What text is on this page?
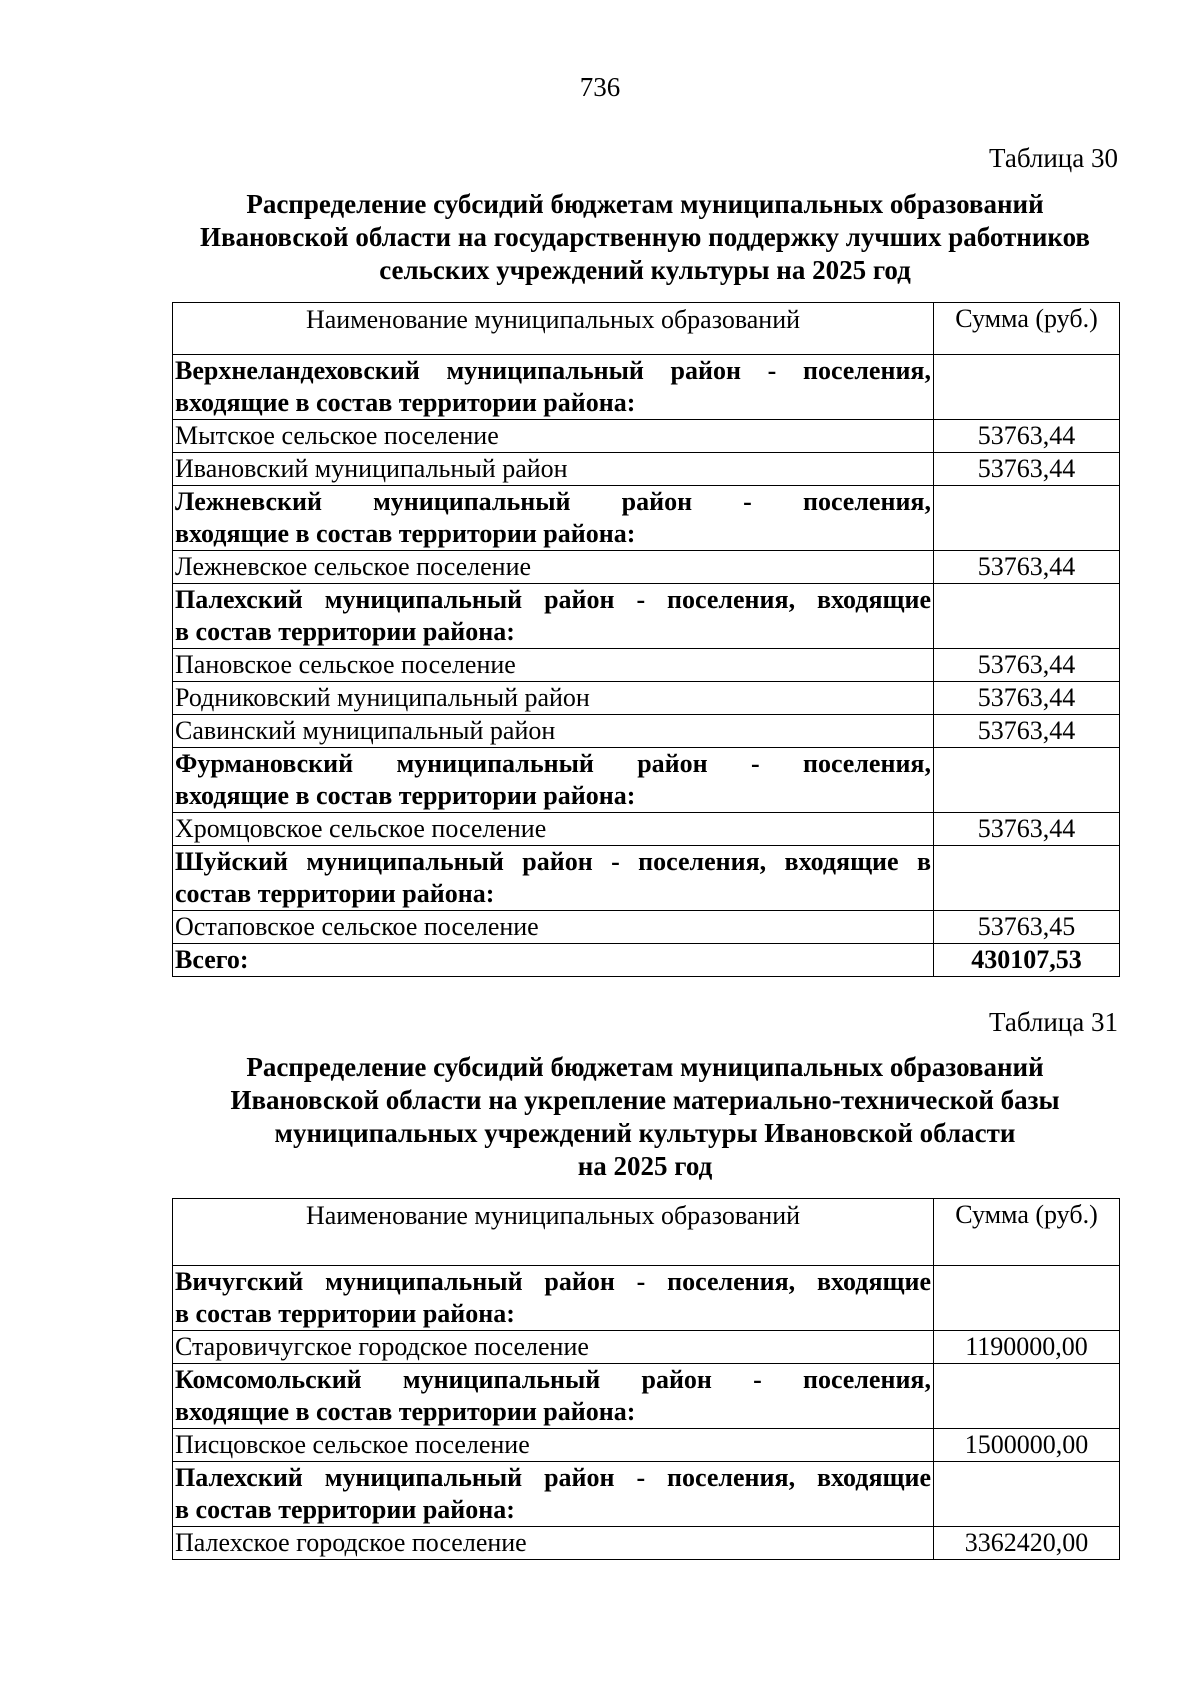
736
Таблица 30
Распределение субсидий бюджетам муниципальных образований
Ивановской области на государственную поддержку лучших работников
сельских учреждений культуры на 2025 год
Наименование муниципальных образований	Сумма (руб.)
Верхнеландеховский муниципальный район - поселения,
входящие в состав территории района:	

Мытское сельское поселение	53763,44
Ивановский муниципальный район	53763,44
Лежневский муниципальный район - поселения,
входящие в состав территории района:	

Лежневское сельское поселение	53763,44
Палехский муниципальный район - поселения, входящие
в состав территории района:	

Пановское сельское поселение	53763,44
Родниковский муниципальный район	53763,44
Савинский муниципальный район	53763,44
Фурмановский муниципальный район - поселения,
входящие в состав территории района:	

Хромцовское сельское поселение	53763,44
Шуйский муниципальный район - поселения, входящие в
состав территории района:	

Остаповское сельское поселение	53763,45
Всего:	430107,53
Таблица 31
Распределение субсидий бюджетам муниципальных образований
Ивановской области на укрепление материально-технической базы
муниципальных учреждений культуры Ивановской области
на 2025 год
Наименование муниципальных образований	Сумма (руб.)
Вичугский муниципальный район - поселения, входящие
в состав территории района:	

Старовичугское городское поселение	1190000,00
Комсомольский муниципальный район - поселения,
входящие в состав территории района:	

Писцовское сельское поселение	1500000,00
Палехский муниципальный район - поселения, входящие
в состав территории района:	

Палехское городское поселение	3362420,00
